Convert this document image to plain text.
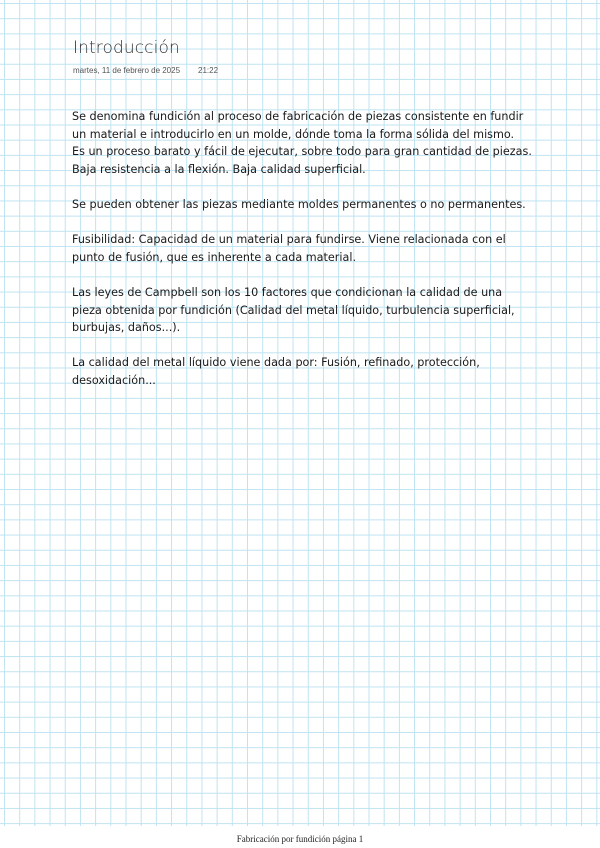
Introducción
martes, 11 de febrero de 2025 21:22

Se denomina fundición al proceso de fabricación de piezas consistente en fundir un material e introducirlo en un molde, dónde toma la forma sólida del mismo.
Es un proceso barato y fácil de ejecutar, sobre todo para gran cantidad de piezas.
Baja resistencia a la flexión. Baja calidad superficial.

Se pueden obtener las piezas mediante moldes permanentes o no permanentes.

Fusibilidad: Capacidad de un material para fundirse. Viene relacionada con el punto de fusión, que es inherente a cada material.

Las leyes de Campbell son los 10 factores que condicionan la calidad de una pieza obtenida por fundición (Calidad del metal líquido, turbulencia superficial, burbujas, daños...).

La calidad del metal líquido viene dada por: Fusión, refinado, protección, desoxidación...

Fabricación por fundición página 1
